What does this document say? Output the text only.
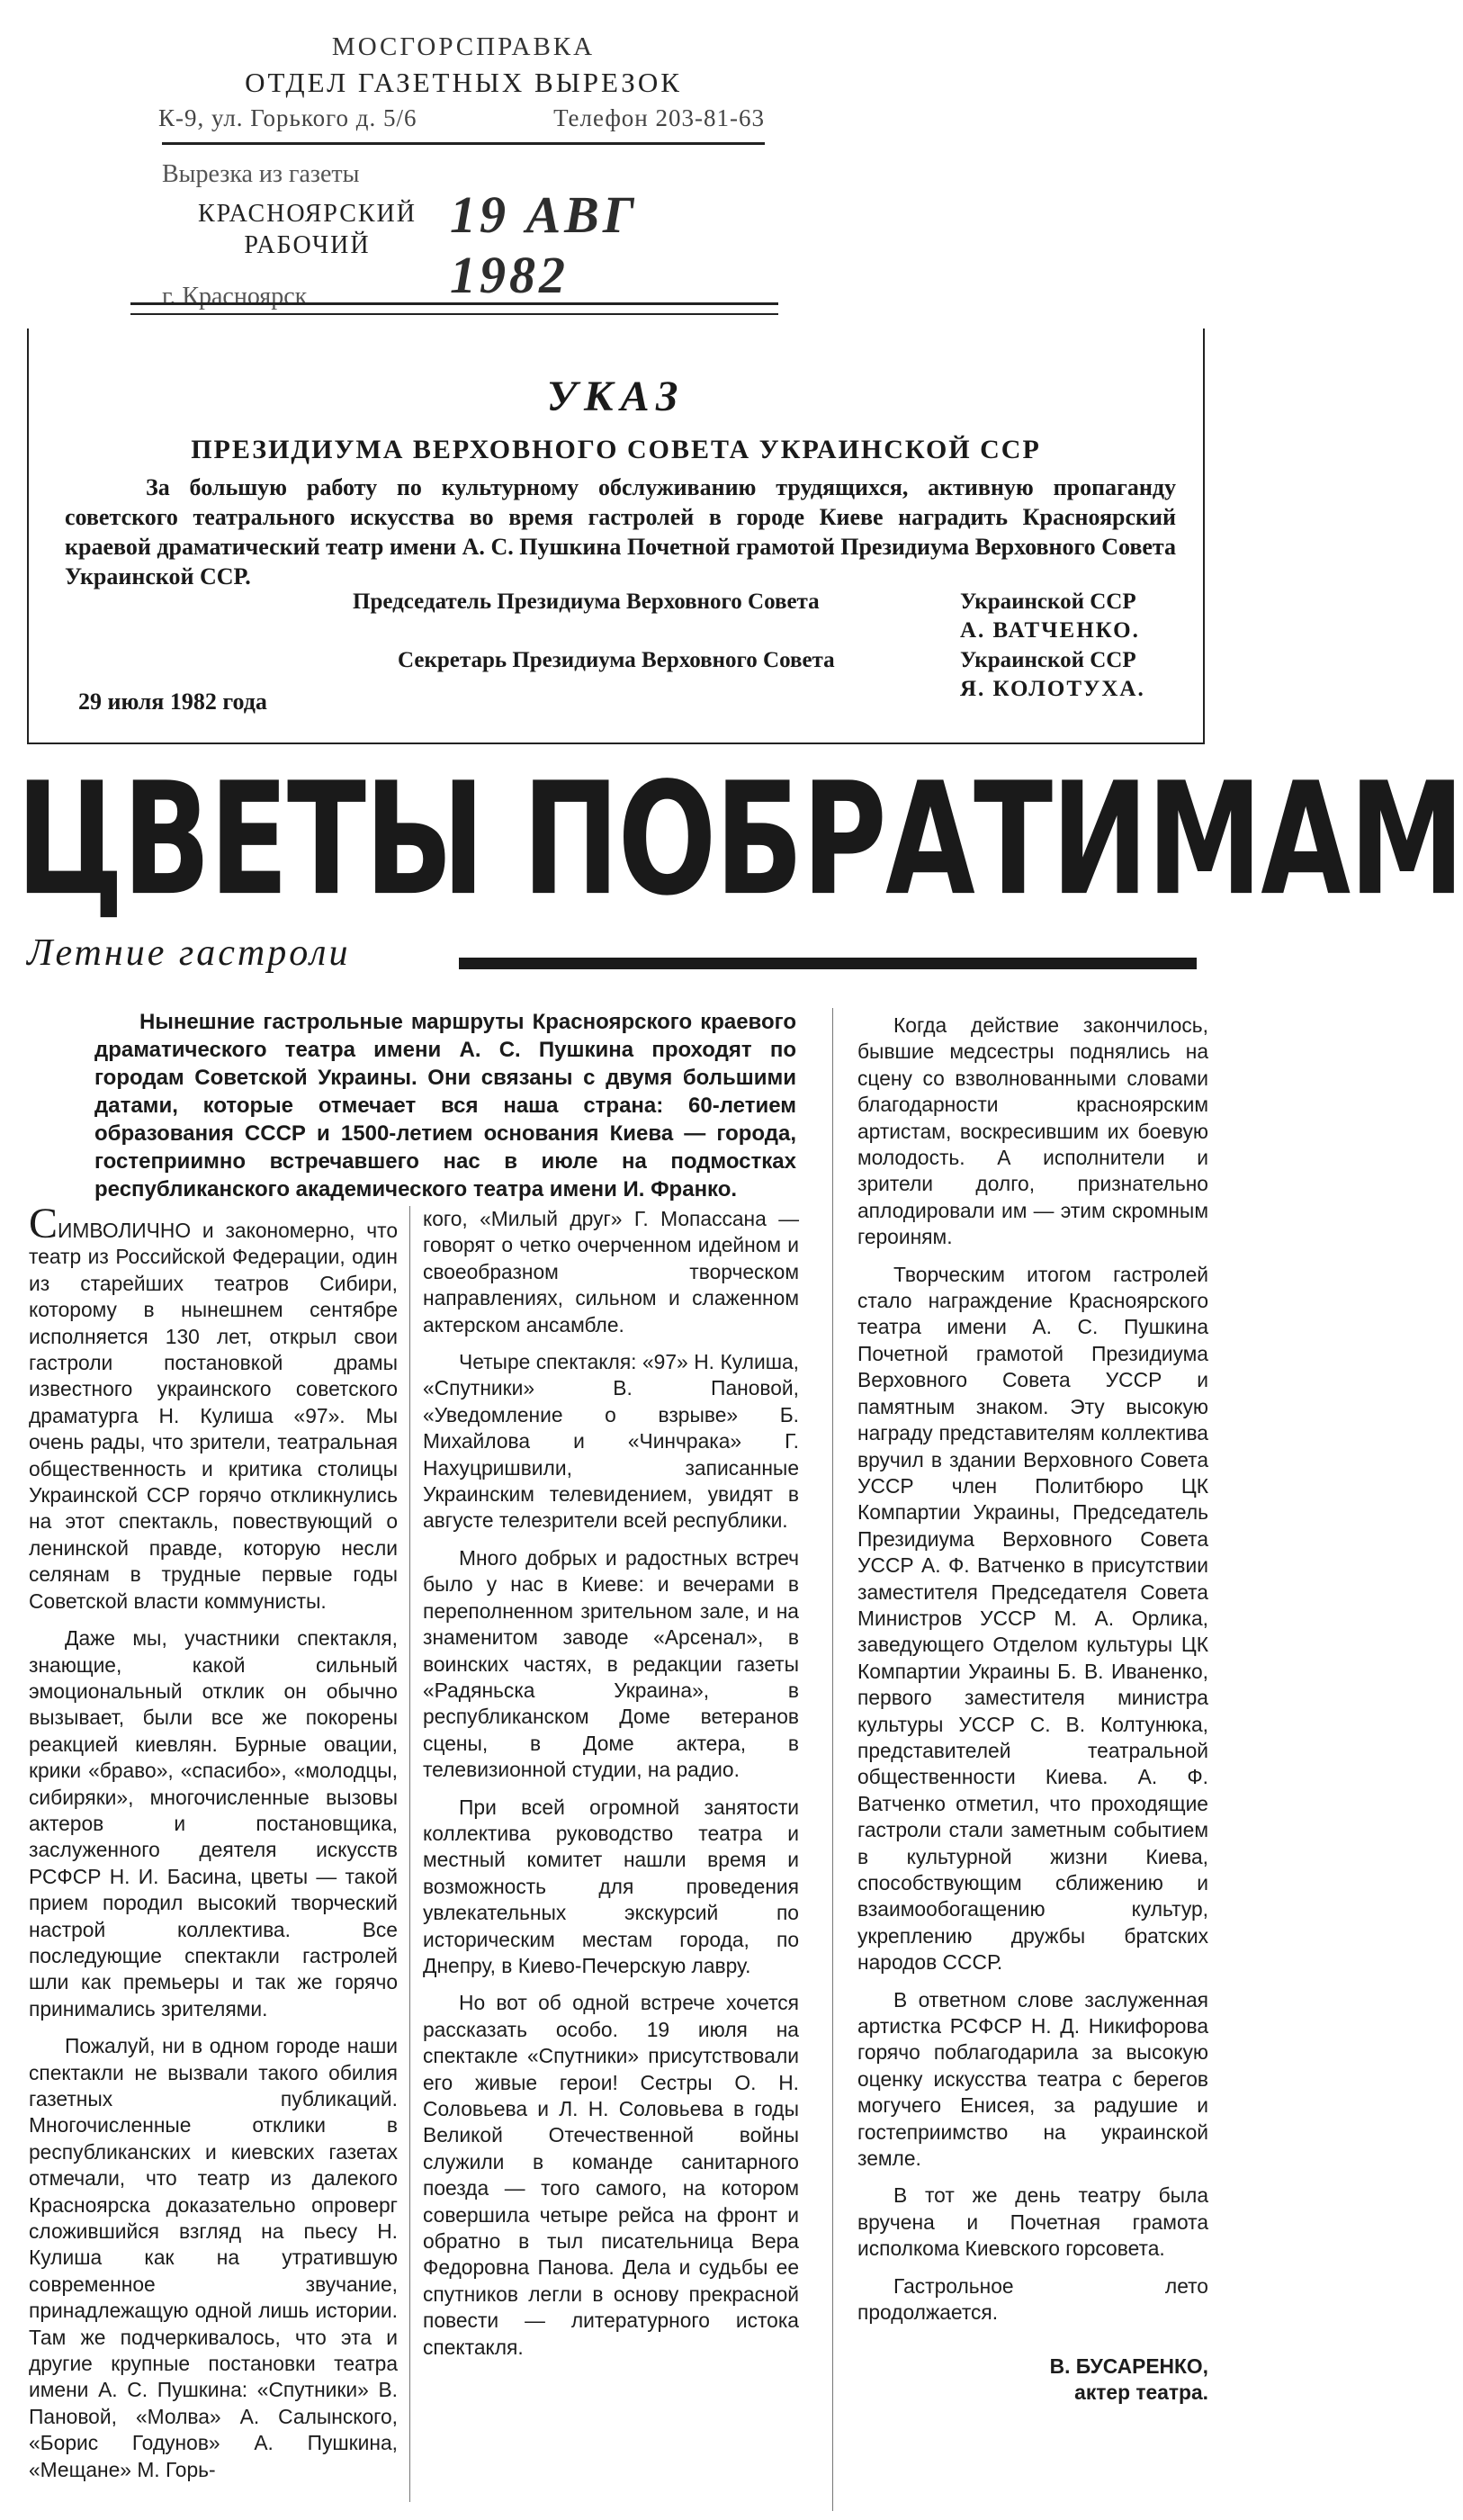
МОСГОРСПРАВКА
ОТДЕЛ ГАЗЕТНЫХ ВЫРЕЗОК
К-9, ул. Горького д. 5/6	Телефон 203-81-63
Вырезка из газеты
КРАСНОЯРСКИЙ
РАБОЧИЙ
19 АВГ 1982
г. Красноярск
УКАЗ
ПРЕЗИДИУМА ВЕРХОВНОГО СОВЕТА УКРАИНСКОЙ ССР
За большую работу по культурному обслуживанию трудящихся, активную пропаганду советского театрального искусства во время гастролей в городе Киеве наградить Красноярский краевой драматический театр имени А. С. Пушкина Почетной грамотой Президиума Верховного Совета Украинской ССР.
Председатель Президиума Верховного Совета	Украинской ССР
А. ВАТЧЕНКО.
Секретарь Президиума Верховного Совета	Украинской ССР
Я. КОЛОТУХА.
29 июля 1982 года
ЦВЕТЫ ПОБРАТИМАМ
Летние гастроли
Нынешние гастрольные маршруты Красноярского краевого драматического театра имени А. С. Пушкина проходят по городам Советской Украины. Они связаны с двумя большими датами, которые отмечает вся наша страна: 60-летием образования СССР и 1500-летием основания Киева — города, гостеприимно встречавшего нас в июле на подмостках республиканского академического театра имени И. Франко.

СИМВОЛИЧНО и закономерно, что театр из Российской Федерации, один из старейших театров Сибири, которому в нынешнем сентябре исполняется 130 лет, открыл свои гастроли постановкой драмы известного украинского советского драматурга Н. Кулиша «97». Мы очень рады, что зрители, театральная общественность и критика столицы Украинской ССР горячо откликнулись на этот спектакль, повествующий о ленинской правде, которую несли селянам в трудные первые годы Советской власти коммунисты.

Даже мы, участники спектакля, знающие, какой сильный эмоциональный отклик он обычно вызывает, были все же покорены реакцией киевлян. Бурные овации, крики «браво», «спасибо», «молодцы, сибиряки», многочисленные вызовы актеров и постановщика, заслуженного деятеля искусств РСФСР Н. И. Басина, цветы — такой прием породил высокий творческий настрой коллектива. Все последующие спектакли гастролей шли как премьеры и так же горячо принимались зрителями.

Пожалуй, ни в одном городе наши спектакли не вызвали такого обилия газетных публикаций. Многочисленные отклики в республиканских и киевских газетах отмечали, что театр из далекого Красноярска доказательно опроверг сложившийся взгляд на пьесу Н. Кулиша как на утратившую современное звучание, принадлежащую одной лишь истории. Там же подчеркивалось, что эта и другие крупные постановки театра имени А. С. Пушкина: «Спутники» В. Пановой, «Молва» А. Салынского, «Борис Годунов» А. Пушкина, «Мещане» М. Горь-

кого, «Милый друг» Г. Мопассана — говорят о четко очерченном идейном и своеобразном творческом направлениях, сильном и слаженном актерском ансамбле.

Четыре спектакля: «97» Н. Кулиша, «Спутники» В. Пановой, «Уведомление о взрыве» Б. Михайлова и «Чинчрака» Г. Нахуцришвили, записанные Украинским телевидением, увидят в августе телезрители всей республики.

Много добрых и радостных встреч было у нас в Киеве: и вечерами в переполненном зрительном зале, и на знаменитом заводе «Арсенал», в воинских частях, в редакции газеты «Радяньска Украина», в республиканском Доме ветеранов сцены, в Доме актера, в телевизионной студии, на радио.

При всей огромной занятости коллектива руководство театра и местный комитет нашли время и возможность для проведения увлекательных экскурсий по историческим местам города, по Днепру, в Киево-Печерскую лавру.

Но вот об одной встрече хочется рассказать особо. 19 июля на спектакле «Спутники» присутствовали его живые герои! Сестры О. Н. Соловьева и Л. Н. Соловьева в годы Великой Отечественной войны служили в команде санитарного поезда — того самого, на котором совершила четыре рейса на фронт и обратно в тыл писательница Вера Федоровна Панова. Дела и судьбы ее спутников легли в основу прекрасной повести — литературного истока спектакля.

Когда действие закончилось, бывшие медсестры поднялись на сцену со взволнованными словами благодарности красноярским артистам, воскресившим их боевую молодость. А исполнители и зрители долго, признательно аплодировали им — этим скромным героиням.

Творческим итогом гастролей стало награждение Красноярского театра имени А. С. Пушкина Почетной грамотой Президиума Верховного Совета УССР и памятным знаком. Эту высокую награду представителям коллектива вручил в здании Верховного Совета УССР член Политбюро ЦК Компартии Украины, Председатель Президиума Верховного Совета УССР А. Ф. Ватченко в присутствии заместителя Председателя Совета Министров УССР М. А. Орлика, заведующего Отделом культуры ЦК Компартии Украины Б. В. Иваненко, первого заместителя министра культуры УССР С. В. Колтунюка, представителей театральной общественности Киева. А. Ф. Ватченко отметил, что проходящие гастроли стали заметным событием в культурной жизни Киева, способствующим сближению и взаимообогащению культур, укреплению дружбы братских народов СССР.

В ответном слове заслуженная артистка РСФСР Н. Д. Никифорова горячо поблагодарила за высокую оценку искусства театра с берегов могучего Енисея, за радушие и гостеприимство на украинской земле.

В тот же день театру была вручена и Почетная грамота исполкома Киевского горсовета.

Гастрольное лето продолжается.

В. БУСАРЕНКО,
актер театра.
